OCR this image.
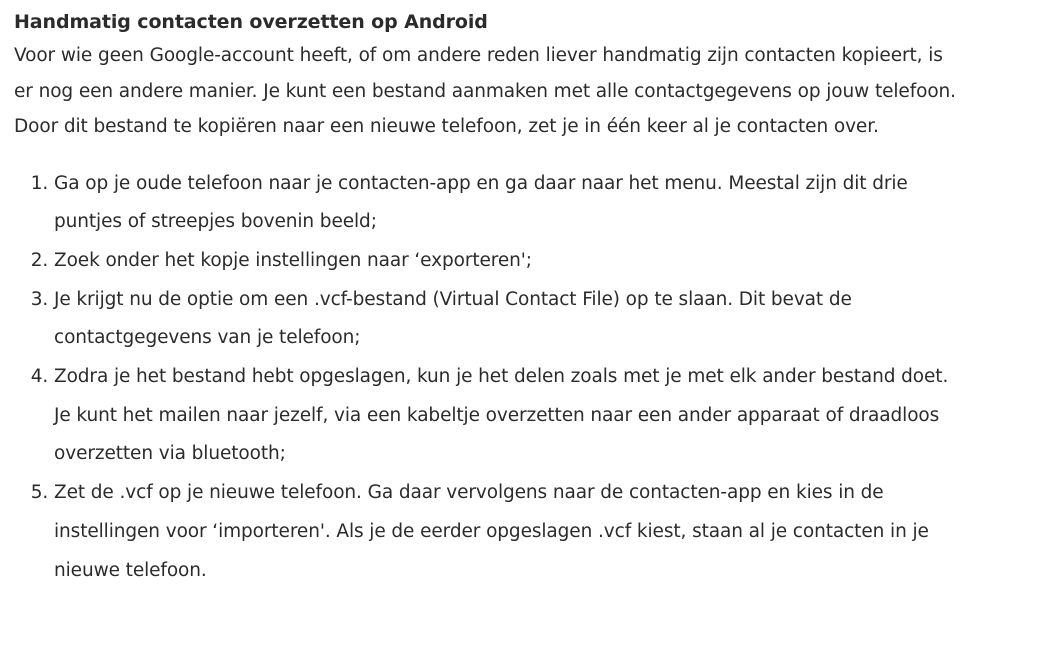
Handmatig contacten overzetten op Android

Voor wie geen Google-account heeft, of om andere reden liever handmatig zijn contacten kopieert, is er nog een andere manier. Je kunt een bestand aanmaken met alle contactgegevens op jouw telefoon. Door dit bestand te kopiëren naar een nieuwe telefoon, zet je in één keer al je contacten over.

1. Ga op je oude telefoon naar je contacten-app en ga daar naar het menu. Meestal zijn dit drie puntjes of streepjes bovenin beeld;
2. Zoek onder het kopje instellingen naar ‘exporteren';
3. Je krijgt nu de optie om een .vcf-bestand (Virtual Contact File) op te slaan. Dit bevat de contactgegevens van je telefoon;
4. Zodra je het bestand hebt opgeslagen, kun je het delen zoals met je met elk ander bestand doet. Je kunt het mailen naar jezelf, via een kabeltje overzetten naar een ander apparaat of draadloos overzetten via bluetooth;
5. Zet de .vcf op je nieuwe telefoon. Ga daar vervolgens naar de contacten-app en kies in de instellingen voor ‘importeren'. Als je de eerder opgeslagen .vcf kiest, staan al je contacten in je nieuwe telefoon.
